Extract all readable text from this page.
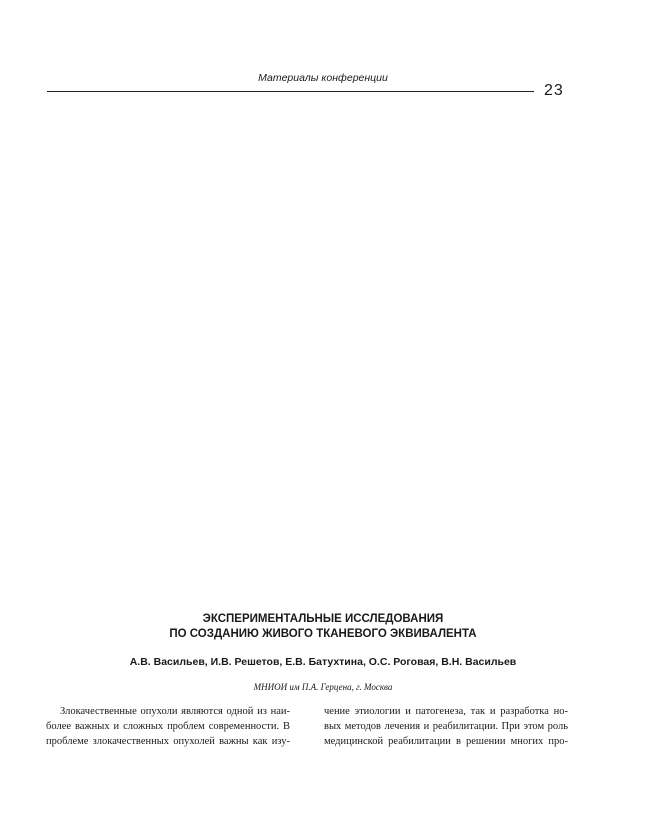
Материалы конференции
23
ЭКСПЕРИМЕНТАЛЬНЫЕ ИССЛЕДОВАНИЯ
ПО СОЗДАНИЮ ЖИВОГО ТКАНЕВОГО ЭКВИВАЛЕНТА
А.В. Васильев, И.В. Решетов, Е.В. Батухтина, О.С. Роговая, В.Н. Васильев
МНИОИ им П.А. Герцена, г. Москва
Злокачественные опухоли являются одной из наи-
более важных и сложных проблем современности. В
проблеме злокачественных опухолей важны как изу-
чение этиологии и патогенеза, так и разработка но-
вых методов лечения и реабилитации. При этом роль
медицинской реабилитации в решении многих про-
